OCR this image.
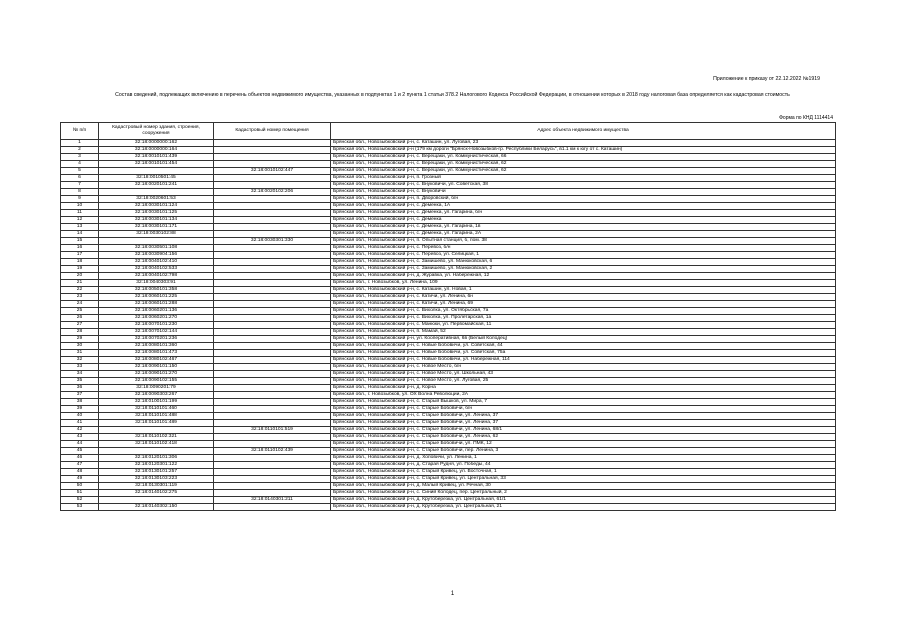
Приложение к приказу от 22.12.2022 №1919
Состав сведений, подлежащих включению в перечень объектов недвижимого имущества, указанных в подпунктах 1 и 2 пункта 1 статьи 378.2 Налогового Кодекса Российской Федерации, в отношении которых в 2018 году налоговая база определяется как кадастровая стоимость
Форма по КНД 1114414
№ п/п	Кадастровый номер здания, строения, сооружения	Кадастровый номер помещения	Адрес объекта недвижимого имущества
1	32:18:0000000:162		Брянская обл., Новозыбковский р-н, с. Каташин, ул. Луговая, 23
2	32:18:0000000:164		Брянская обл., Новозыбковский р-н (179 км дороги "Брянск-Новозыбков-гр. Республики Беларусь", в1.1 км к югу от с. Каташин)
3	32:18:0010101:439		Брянская обл., Новозыбковский р-н, с. Верещаки, ул. Коммунистическая, 66
4	32:18:0010101:454		Брянская обл., Новозыбковский р-н, с. Верещаки, ул. Коммунистическая, 62
5		32:18:0010102:447	Брянская обл., Новозыбковский р-н, с. Верещаки, ул. Коммунистическая, 62
6	32:18:0010501:45		Брянская обл., Новозыбковский р-н, п. Грозный
7	32:18:0020101:241		Брянская обл., Новозыбковский р-н, с. Внуковичи, ул. Советская, 38
8		32:18:0020102:206	Брянская обл., Новозыбковский р-н, с. Внуковичи
9	32:18:0020601:53		Брянская обл., Новозыбковский р-н, п. Дворовский, б/н
10	32:18:0030101:124		Брянская обл., Новозыбковский р-н, с. Деменка, 1А
11	32:18:0030101:125		Брянская обл., Новозыбковский р-н, с. Деменка, ул. Гагарина, б/н
12	32:18:0030101:134		Брянская обл., Новозыбковский р-н, с. Деменка
13	32:18:0030101:171		Брянская обл., Новозыбковский р-н, с. Деменка, ул. Гагарина, 1в
14	32:18:0030102:88		Брянская обл., Новозыбковский р-н, с. Деменка, ул. Гагарина, 2А
15		32:18:0030301:330	Брянская обл., Новозыбковский р-н, п. Опытная станция, б, пом. 38
16	32:18:0030501:108		Брянская обл., Новозыбковский р-н, с. Перевоз, б/н
17	32:18:0030904:156		Брянская обл., Новозыбковский р-н, с. Перевоз, ул. Селицкая, 1
18	32:18:0040102:410		Брянская обл., Новозыбковский р-н, с. Замишево, ул. Манюковская, 6
19	32:18:0040102:533		Брянская обл., Новозыбковский р-н, с. Замишево, ул. Манюковская, 2
20	32:18:0040102:798		Брянская обл., Новозыбковский р-н, д. Журавка, ул. Набережная, 12
21	32:18:0040303:91		Брянская обл., г. Новозыбков, ул. Ленина, 109
22	32:18:0050101:358		Брянская обл., Новозыбковский р-н, с. Каташин, ул. Новая, 1
23	32:18:0060101:225		Брянская обл., Новозыбковский р-н, с. Катичи, ул. Ленина, 6н
24	32:18:0060101:288		Брянская обл., Новозыбковский р-н, с. Катичи, ул. Ленина, 69
25	32:18:0060201:136		Брянская обл., Новозыбковский р-н, с. Вихолка, ул. Октябрьская, 7а
26	32:18:0060201:270		Брянская обл., Новозыбковский р-н, с. Вихолка, ул. Пролетарская, 1а
27	32:18:0070101:230		Брянская обл., Новозыбковский р-н, с. Манюки, ул. Первомайская, 11
28	32:18:0070102:144		Брянская обл., Новозыбковский р-н, п. Мамай, 52
29	32:18:0070201:236		Брянская обл., Новозыбковский р-н, ул. Кооперативная, 6в (Белый Колодец)
30	32:18:0080101:360		Брянская обл., Новозыбковский р-н, с. Новые Бобовичи, ул. Советская, 44
31	32:18:0080101:473		Брянская обл., Новозыбковский р-н, с. Новые Бобовичи, ул. Советская, 75а
32	32:18:0080102:467		Брянская обл., Новозыбковский р-н, с. Новые Бобовичи, ул. Набережная, 114
33	32:18:0090101:150		Брянская обл., Новозыбковский р-н, с. Новое Место, б/н
34	32:18:0090101:270		Брянская обл., Новозыбковский р-н, с. Новое Место, ул. Школьная, 43
35	32:18:0090102:155		Брянская обл., Новозыбковский р-н, с. Новое Место, ул. Луговая, 25
36	32:18:0090201:79		Брянская обл., Новозыбковский р-н, д. Корна
37	32:18:0090303:267		Брянская обл., г. Новозыбков, ул. ОХ Волна Революции, 2А
38	32:18:0100101:199		Брянская обл., Новозыбковский р-н, с. Старый Вышков, ул. Мира, 7
39	32:18:0110101:460		Брянская обл., Новозыбковский р-н, с. Старые Бобовичи, б/н
40	32:18:0110101:488		Брянская обл., Новозыбковский р-н, с. Старые Бобовичи, ул. Ленина, 37
41	32:18:0110101:489		Брянская обл., Новозыбковский р-н, с. Старые Бобовичи, ул. Ленина, 37
42		32:18:0110101:519	Брянская обл., Новозыбковский р-н, с. Старые Бобовичи, ул. Ленина, 68/1
43	32:18:0110102:321		Брянская обл., Новозыбковский р-н, с. Старые Бобовичи, ул. Ленина, 62
44	32:18:0110102:418		Брянская обл., Новозыбковский р-н, с. Старые Бобовичи, ул. ПМК, 12
45		32:18:0110102:439	Брянская обл., Новозыбковский р-н, с. Старые Бобовичи, пер. Ленина, 3
46	32:18:0120101:306		Брянская обл., Новозыбковский р-н, д. Хоповичи, ул. Ленина, 1
47	32:18:0120301:122		Брянская обл., Новозыбковский р-н, д. Старая Рудня, ул. Победы, 44
48	32:18:0130101:257		Брянская обл., Новозыбковский р-н, с. Старый Кривец, ул. Восточная, 1
49	32:18:0130103:223		Брянская обл., Новозыбковский р-н, с. Старый Кривец, ул. Центральная, 33
50	32:18:0130301:119		Брянская обл., Новозыбковский р-н, д. Малый Кривец, ул. Речная, 30
51	32:18:0140102:275		Брянская обл., Новозыбковский р-н, с. Синий Колодец, пер. Центральный, 2
52		32:18:0140301:211	Брянская обл., Новозыбковский р-н, д. Крутоберезка, ул. Центральная, 61/1
53	32:18:0140302:150		Брянская обл., Новозыбковский р-н, д. Крутоберезка, ул. Центральная, 21
1
